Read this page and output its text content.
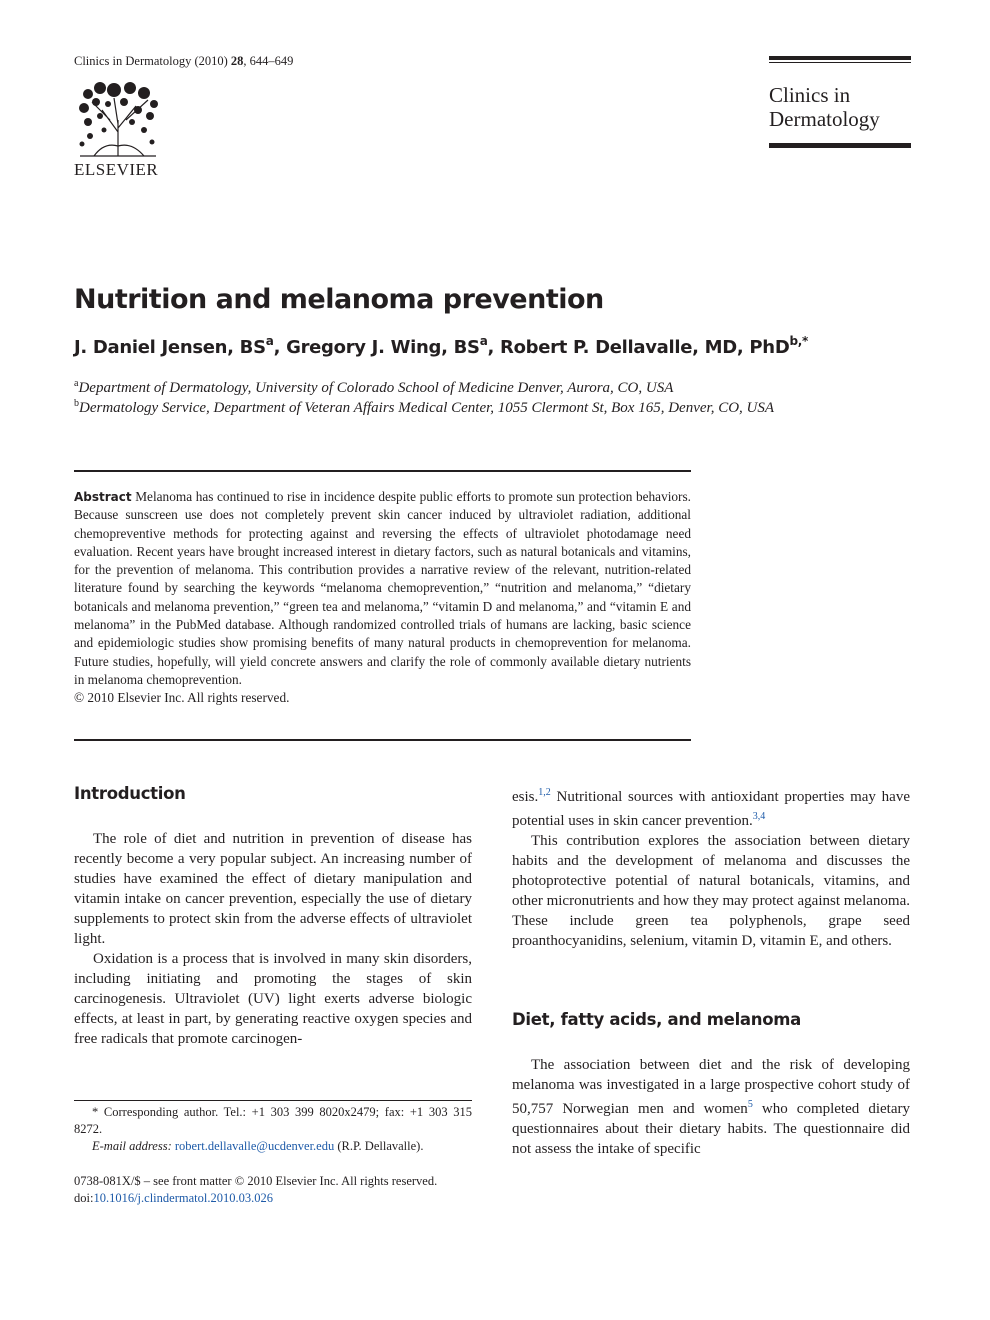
Clinics in Dermatology (2010) 28, 644–649
ELSEVIER
Clinics in
Dermatology
Nutrition and melanoma prevention
J. Daniel Jensen, $BS^a$, Gregory J. Wing, $BS^a$, Robert P. Dellavalle, MD, PhD$^{b,*}$
$^a$Department of Dermatology, University of Colorado School of Medicine Denver, Aurora, CO, USA
$^b$Dermatology Service, Department of Veteran Affairs Medical Center, 1055 Clermont St, Box 165, Denver, CO, USA
Abstract Melanoma has continued to rise in incidence despite public efforts to promote sun protection behaviors. Because sunscreen use does not completely prevent skin cancer induced by ultraviolet radiation, additional chemopreventive methods for protecting against and reversing the effects of ultraviolet photodamage need evaluation. Recent years have brought increased interest in dietary factors, such as natural botanicals and vitamins, for the prevention of melanoma. This contribution provides a narrative review of the relevant, nutrition-related literature found by searching the keywords “melanoma chemoprevention,” “nutrition and melanoma,” “dietary botanicals and melanoma prevention,” “green tea and melanoma,” “vitamin D and melanoma,” and “vitamin E and melanoma” in the PubMed database. Although randomized controlled trials of humans are lacking, basic science and epidemiologic studies show promising benefits of many natural products in chemoprevention for melanoma. Future studies, hopefully, will yield concrete answers and clarify the role of commonly available dietary nutrients in melanoma chemoprevention.
© 2010 Elsevier Inc. All rights reserved.
Introduction

The role of diet and nutrition in prevention of disease has recently become a very popular subject. An increasing number of studies have examined the effect of dietary manipulation and vitamin intake on cancer prevention, especially the use of dietary supplements to protect skin from the adverse effects of ultraviolet light.

Oxidation is a process that is involved in many skin disorders, including initiating and promoting the stages of skin carcinogenesis. Ultraviolet (UV) light exerts adverse biologic effects, at least in part, by generating reactive oxygen species and free radicals that promote carcinogen-

esis.$^{1,2}$ Nutritional sources with antioxidant properties may have potential uses in skin cancer prevention.$^{3,4}$

This contribution explores the association between dietary habits and the development of melanoma and discusses the photoprotective potential of natural botanicals, vitamins, and other micronutrients and how they may protect against melanoma. These include green tea polyphenols, grape seed proanthocyanidins, selenium, vitamin D, vitamin E, and others.

Diet, fatty acids, and melanoma

The association between diet and the risk of developing melanoma was investigated in a large prospective cohort study of 50,757 Norwegian men and women$^5$ who completed dietary questionnaires about their dietary habits. The questionnaire did not assess the intake of specific

* Corresponding author. Tel.: +1 303 399 8020x2479; fax: +1 303 315 8272.
E-mail address: robert.dellavalle@ucdenver.edu (R.P. Dellavalle).
0738-081X/$ – see front matter © 2010 Elsevier Inc. All rights reserved.
doi:10.1016/j.clindermatol.2010.03.026
